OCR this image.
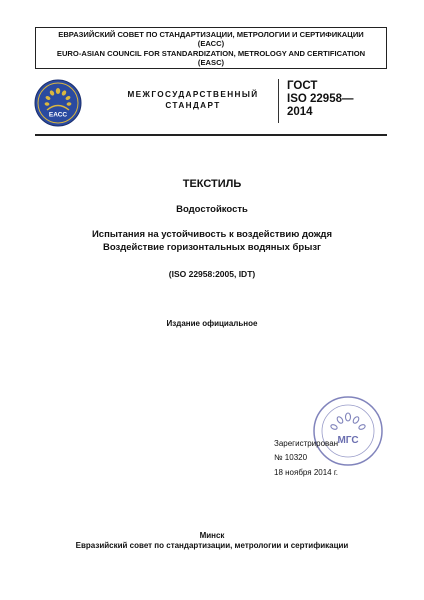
ЕВРАЗИЙСКИЙ СОВЕТ ПО СТАНДАРТИЗАЦИИ, МЕТРОЛОГИИ И СЕРТИФИКАЦИИ
(ЕАСС)
EURO-ASIAN COUNCIL FOR STANDARDIZATION, METROLOGY AND CERTIFICATION
(EASC)
ЕАСС
МЕЖГОСУДАРСТВЕННЫЙ
СТАНДАРТ
ГОСТ
ISO 22958—
2014
ТЕКСТИЛЬ
Водостойкость
Испытания на устойчивость к воздействию дождя
Воздействие горизонтальных водяных брызг
(ISO 22958:2005, IDT)
Издание официальное
МГС
Зарегистрирован
№ 10320
18 ноября 2014 г.
Минск
Евразийский совет по стандартизации, метрологии и сертификации
